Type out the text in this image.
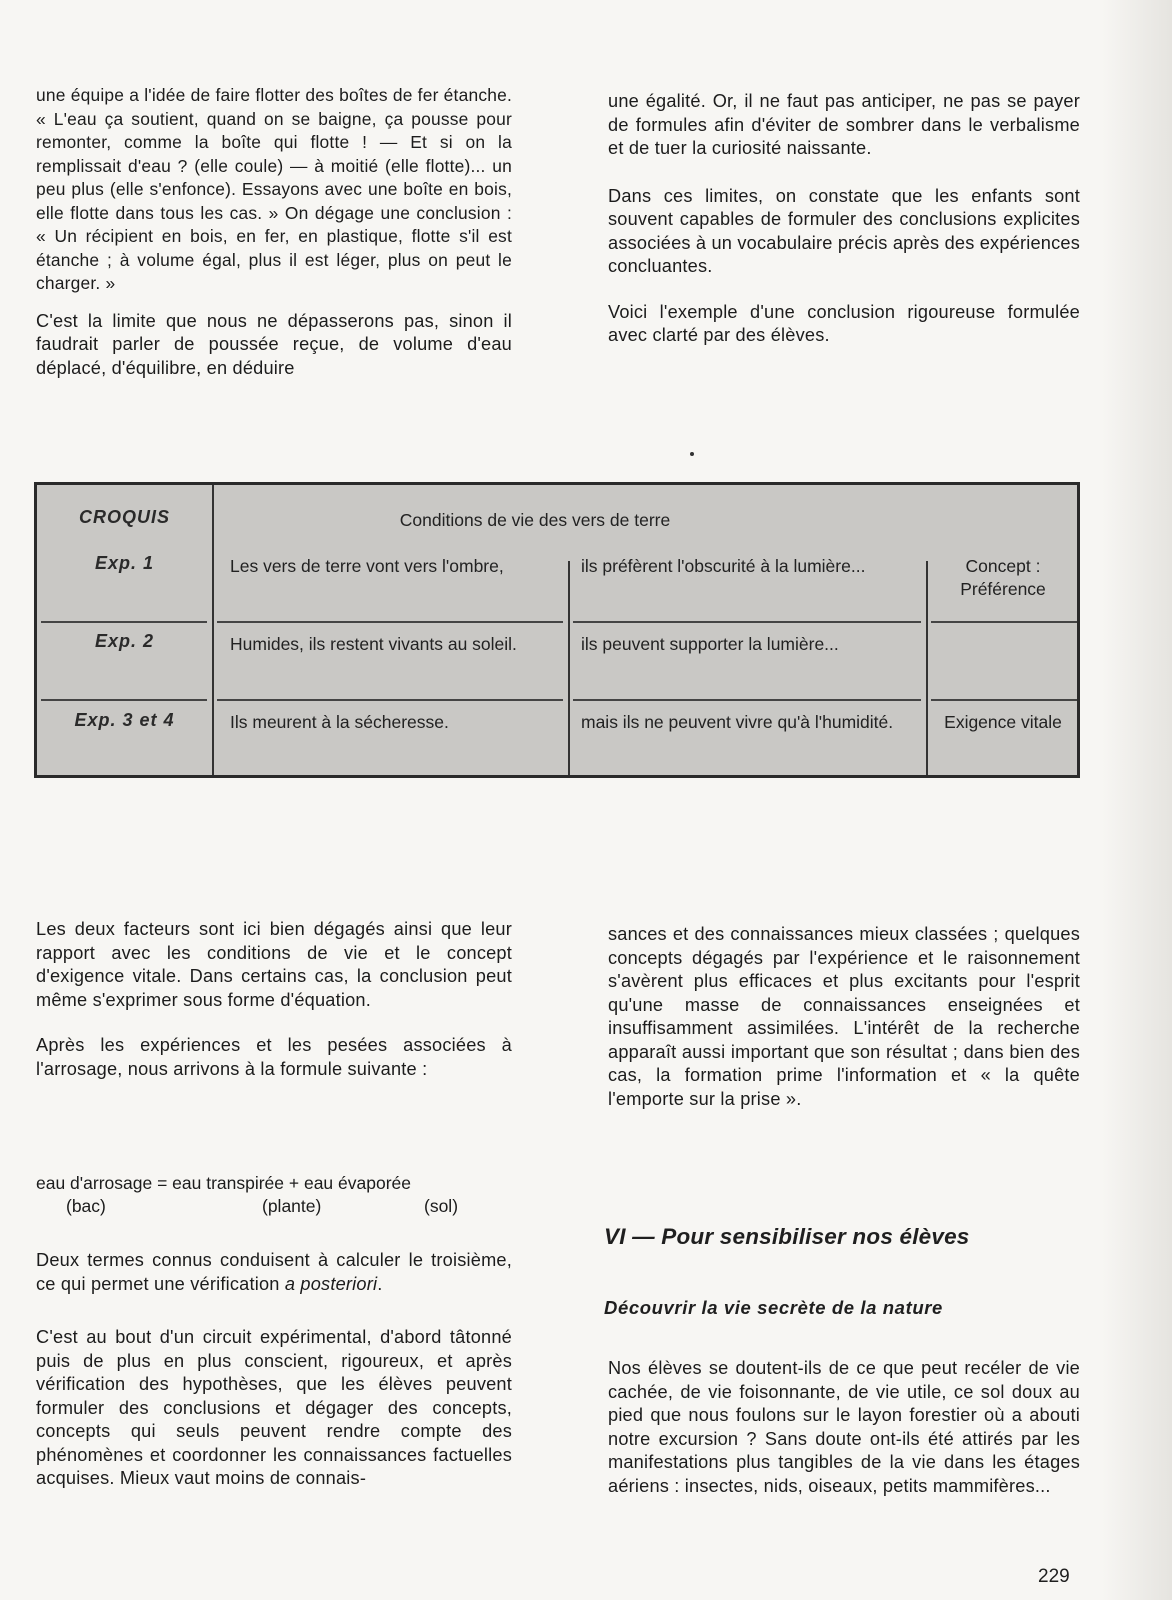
une équipe a l'idée de faire flotter des boîtes de fer étanche. « L'eau ça soutient, quand on se baigne, ça pousse pour remonter, comme la boîte qui flotte ! — Et si on la remplissait d'eau ? (elle coule) — à moitié (elle flotte)... un peu plus (elle s'enfonce). Essayons avec une boîte en bois, elle flotte dans tous les cas. » On dégage une conclusion : « Un récipient en bois, en fer, en plastique, flotte s'il est étanche ; à volume égal, plus il est léger, plus on peut le charger. »

C'est la limite que nous ne dépasserons pas, sinon il faudrait parler de poussée reçue, de volume d'eau déplacé, d'équilibre, en déduire

une égalité. Or, il ne faut pas anticiper, ne pas se payer de formules afin d'éviter de sombrer dans le verbalisme et de tuer la curiosité naissante.

Dans ces limites, on constate que les enfants sont souvent capables de formuler des conclusions explicites associées à un vocabulaire précis après des expériences concluantes.

Voici l'exemple d'une conclusion rigoureuse formulée avec clarté par des élèves.

CROQUIS	Conditions de vie des vers de terre
Exp. 1	Les vers de terre vont vers l'ombre,	ils préfèrent l'obscurité à la lumière...	Concept : Préférence
Exp. 2	Humides, ils restent vivants au soleil.	ils peuvent supporter la lumière...
Exp. 3 et 4	Ils meurent à la sécheresse.	mais ils ne peuvent vivre qu'à l'humidité.	Exigence vitale

Les deux facteurs sont ici bien dégagés ainsi que leur rapport avec les conditions de vie et le concept d'exigence vitale. Dans certains cas, la conclusion peut même s'exprimer sous forme d'équation.

Après les expériences et les pesées associées à l'arrosage, nous arrivons à la formule suivante :

eau d'arrosage = eau transpirée + eau évaporée
(bac)	(plante)	(sol)

Deux termes connus conduisent à calculer le troisième, ce qui permet une vérification a posteriori.

C'est au bout d'un circuit expérimental, d'abord tâtonné puis de plus en plus conscient, rigoureux, et après vérification des hypothèses, que les élèves peuvent formuler des conclusions et dégager des concepts, concepts qui seuls peuvent rendre compte des phénomènes et coordonner les connaissances factuelles acquises. Mieux vaut moins de connais-

sances et des connaissances mieux classées ; quelques concepts dégagés par l'expérience et le raisonnement s'avèrent plus efficaces et plus excitants pour l'esprit qu'une masse de connaissances enseignées et insuffisamment assimilées. L'intérêt de la recherche apparaît aussi important que son résultat ; dans bien des cas, la formation prime l'information et « la quête l'emporte sur la prise ».

VI — Pour sensibiliser nos élèves
Découvrir la vie secrète de la nature

Nos élèves se doutent-ils de ce que peut recéler de vie cachée, de vie foisonnante, de vie utile, ce sol doux au pied que nous foulons sur le layon forestier où a abouti notre excursion ? Sans doute ont-ils été attirés par les manifestations plus tangibles de la vie dans les étages aériens : insectes, nids, oiseaux, petits mammifères...

229
